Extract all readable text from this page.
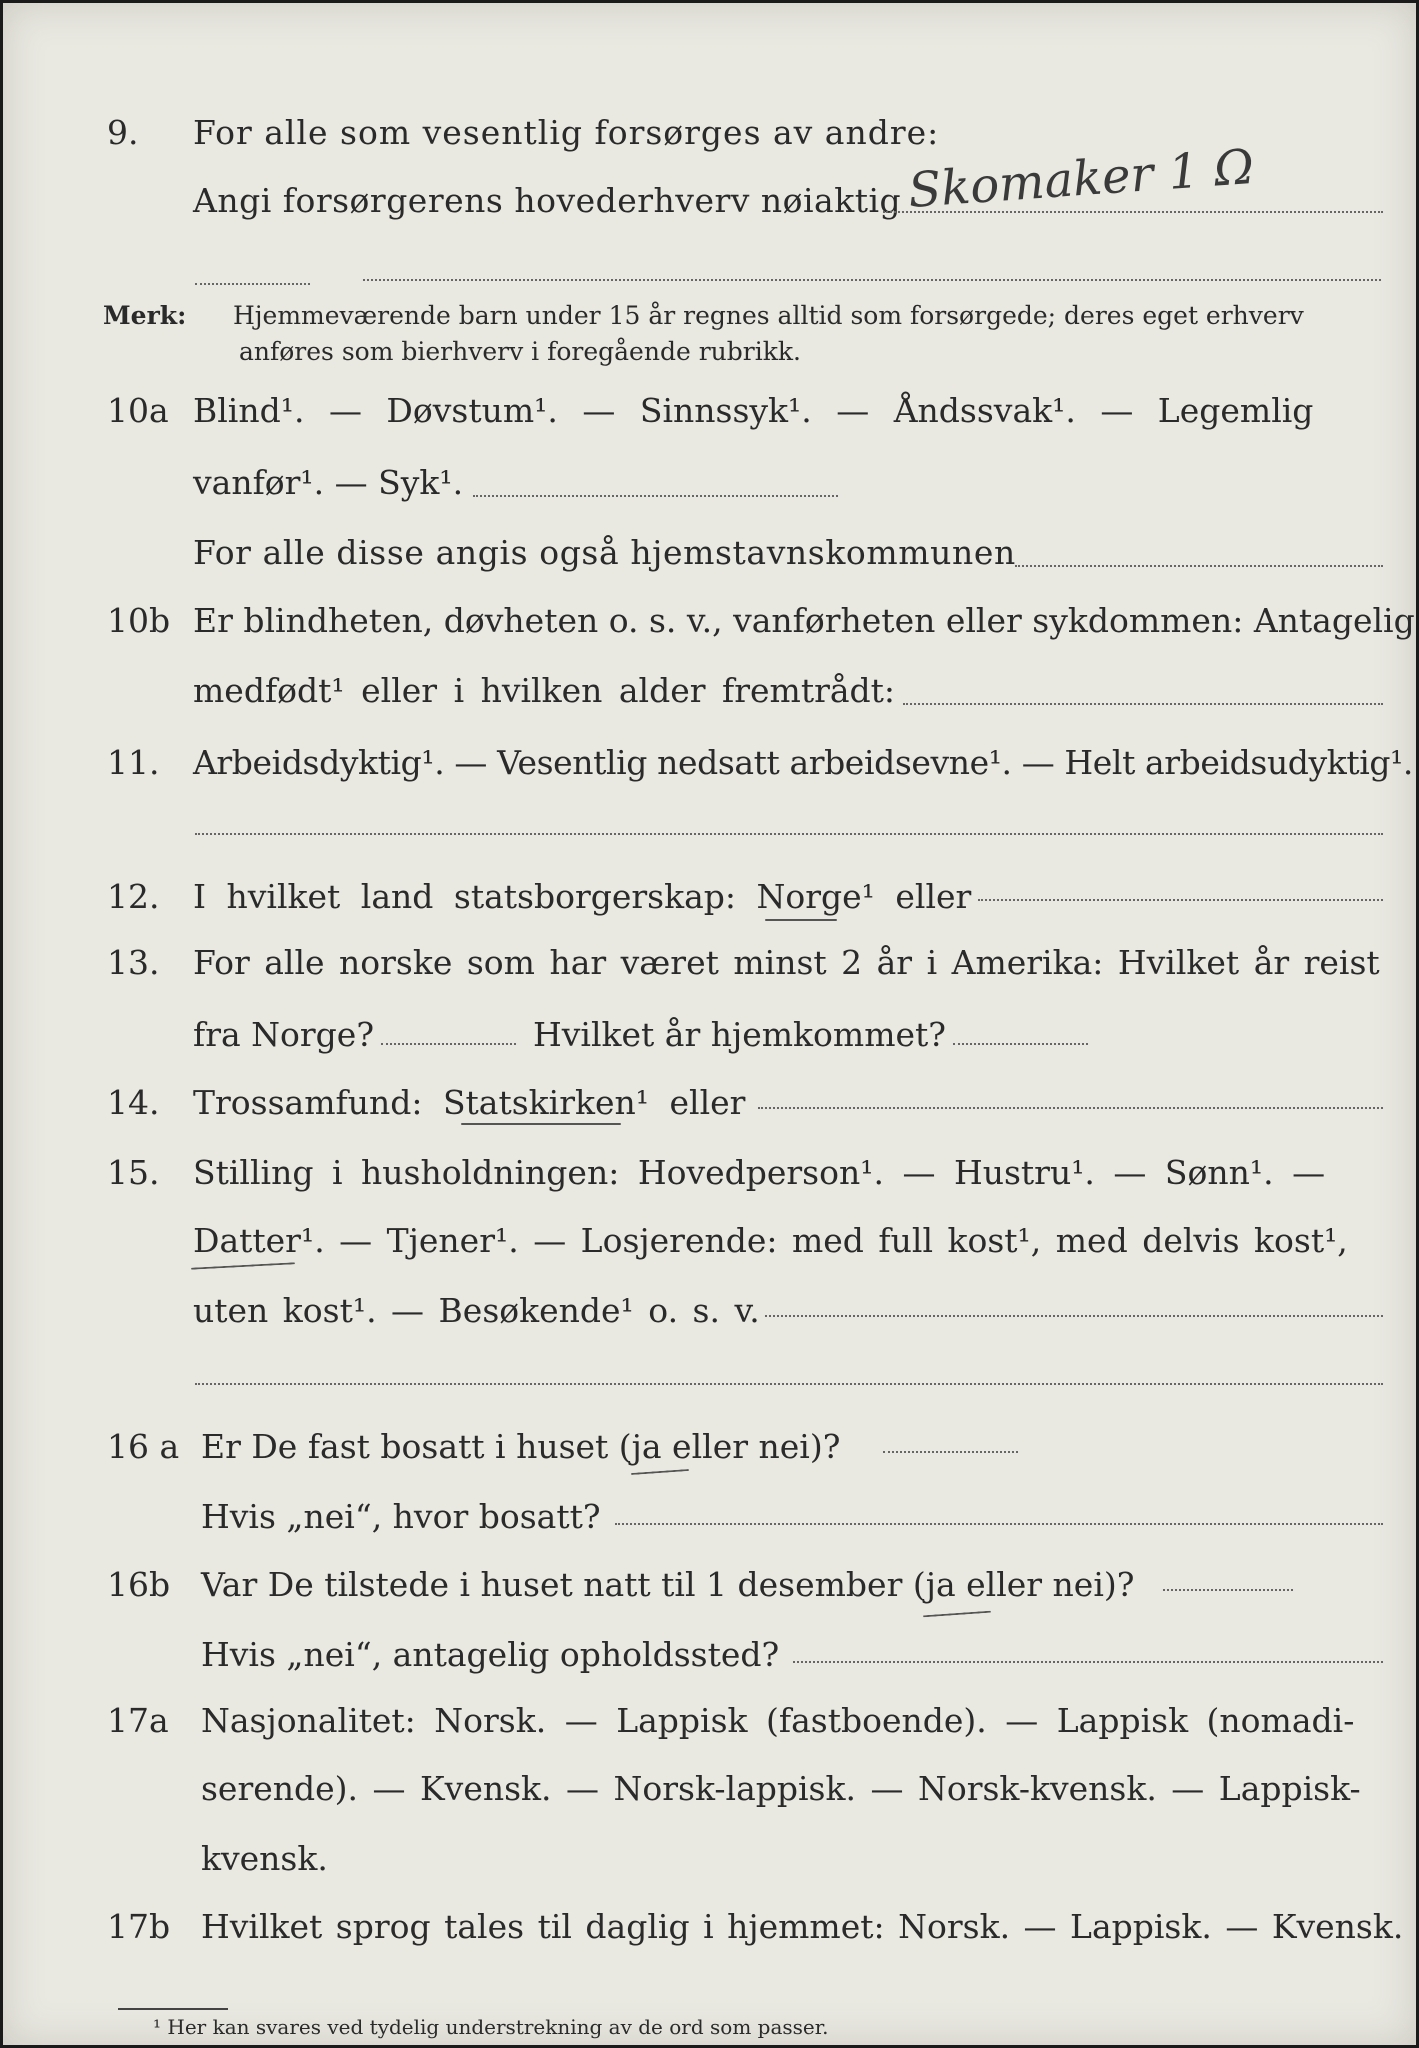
9. For alle som vesentlig forsørges av andre:
Angi forsørgerens hovederhverv nøiaktig Skomaker 1 Ω
Merk: Hjemmeværende barn under 15 år regnes alltid som forsørgede; deres eget erhverv
anføres som bierhverv i foregående rubrikk.
10a Blind¹. — Døvstum¹. — Sinnssyk¹. — Åndssvak¹. — Legemlig
vanfør¹. — Syk¹.
For alle disse angis også hjemstavnskommunen
10b Er blindheten, døvheten o. s. v., vanførheten eller sykdommen: Antagelig
medfødt¹ eller i hvilken alder fremtrådt:
11. Arbeidsdyktig¹. — Vesentlig nedsatt arbeidsevne¹. — Helt arbeidsudyktig¹.
12. I hvilket land statsborgerskap: Norge¹ eller
13. For alle norske som har været minst 2 år i Amerika: Hvilket år reist
fra Norge?	Hvilket år hjemkommet?
14. Trossamfund: Statskirken¹ eller
15. Stilling i husholdningen: Hovedperson¹. — Hustru¹. — Sønn¹. —
Datter¹. — Tjener¹. — Losjerende: med full kost¹, med delvis kost¹,
uten kost¹. — Besøkende¹ o. s. v.
16 a Er De fast bosatt i huset (ja eller nei)?
Hvis „nei“, hvor bosatt?
16b Var De tilstede i huset natt til 1 desember (ja eller nei)?
Hvis „nei“, antagelig opholdssted?
17a Nasjonalitet: Norsk. — Lappisk (fastboende). — Lappisk (nomadi-
serende). — Kvensk. — Norsk-lappisk. — Norsk-kvensk. — Lappisk-
kvensk.
17b Hvilket sprog tales til daglig i hjemmet: Norsk. — Lappisk. — Kvensk.
¹ Her kan svares ved tydelig understrekning av de ord som passer.
